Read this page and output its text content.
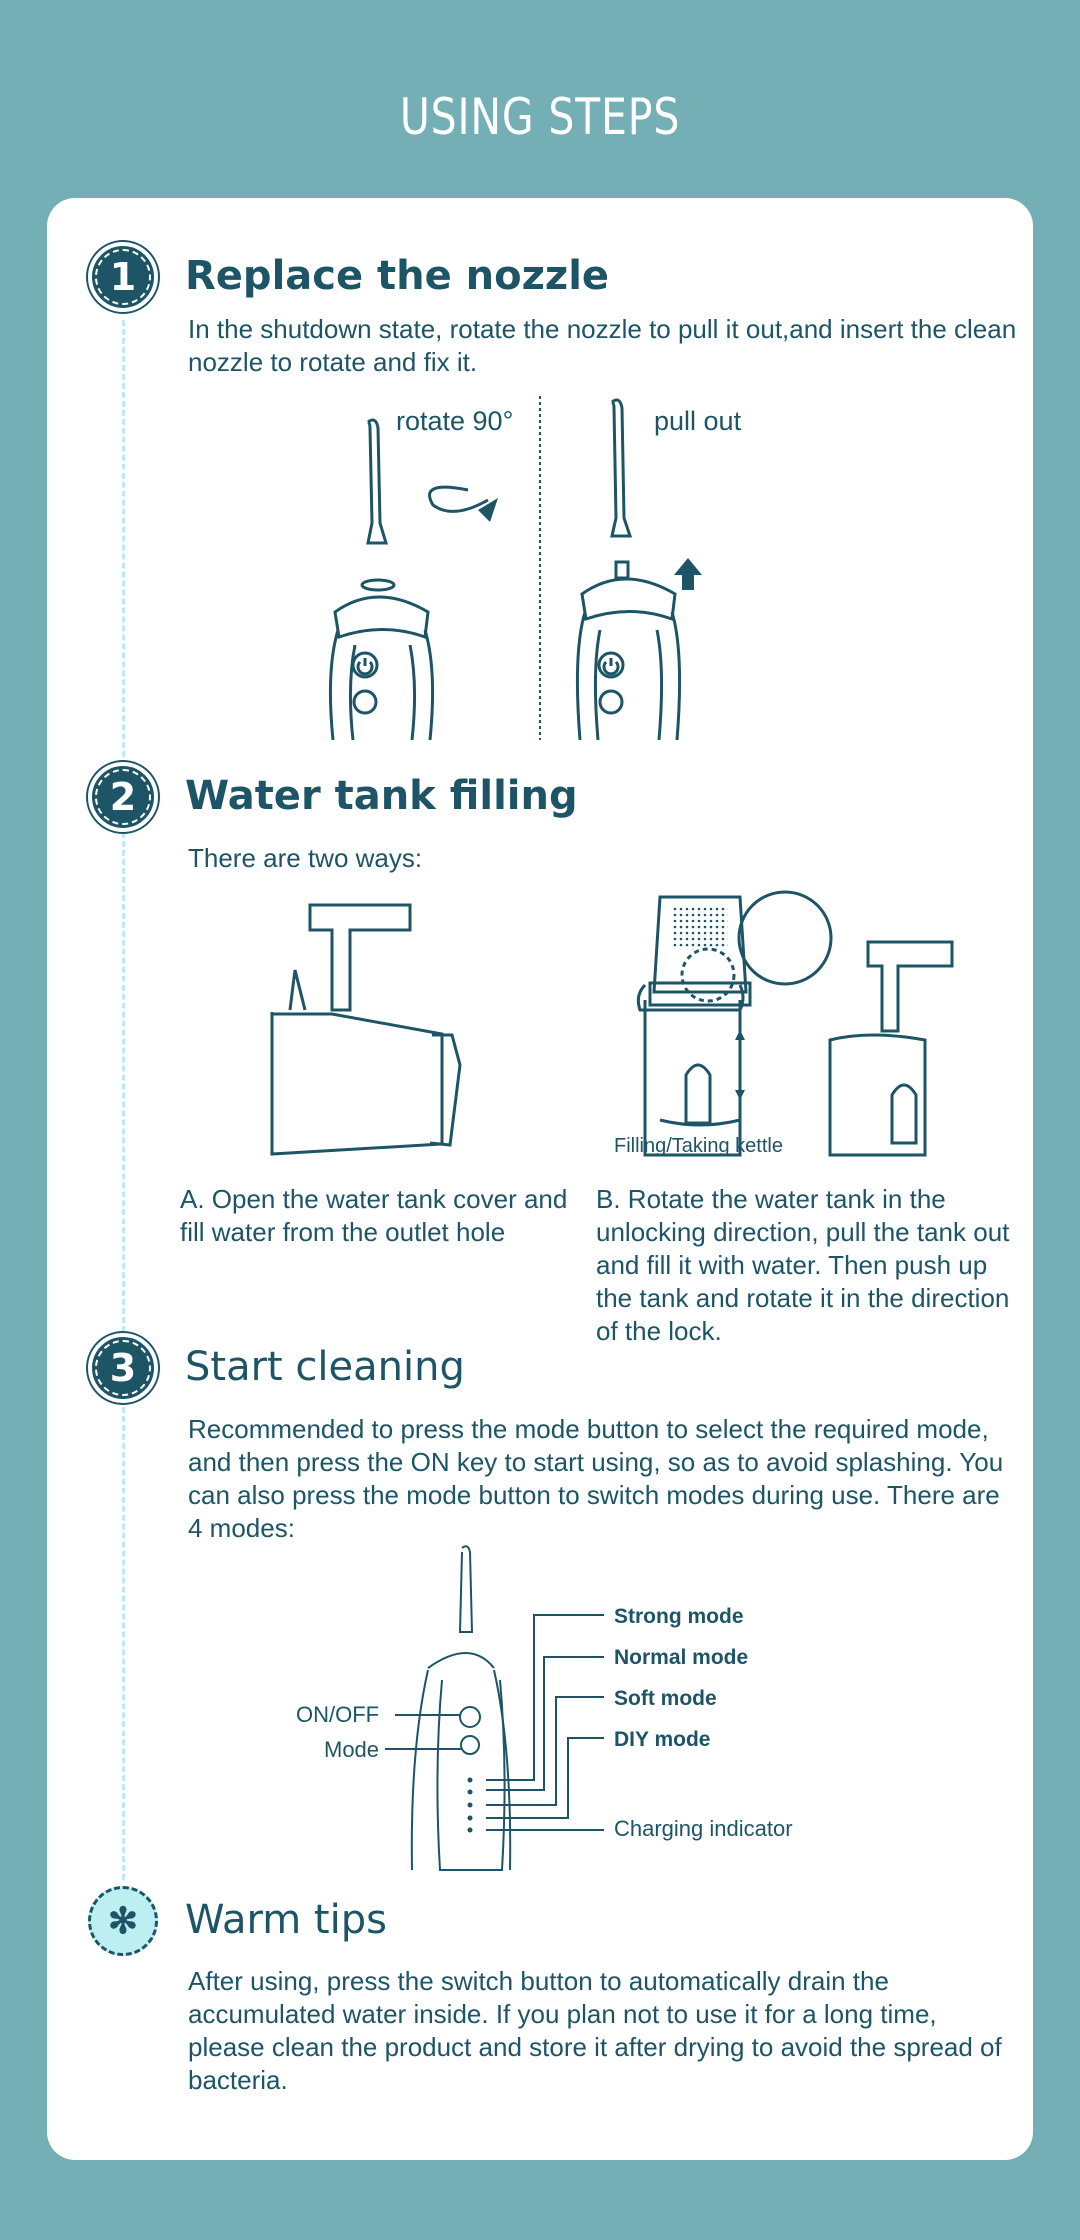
USING STEPS
1	Replace the nozzle
In the shutdown state, rotate the nozzle to pull it out,and insert the clean nozzle to rotate and fix it.
rotate 90°	pull out
2	Water tank filling
There are two ways:
Filling/Taking kettle
A. Open the water tank cover and fill water from the outlet hole
B. Rotate the water tank in the unlocking direction, pull the tank out and fill it with water. Then push up the tank and rotate it in the direction of the lock.
3	Start cleaning
Recommended to press the mode button to select the required mode, and then press the ON key to start using, so as to avoid splashing. You can also press the mode button to switch modes during use. There are 4 modes:
ON/OFF
Mode
Strong mode
Normal mode
Soft mode
DIY mode
Charging indicator
✻	Warm tips
After using, press the switch button to automatically drain the accumulated water inside. If you plan not to use it for a long time, please clean the product and store it after drying to avoid the spread of bacteria.
